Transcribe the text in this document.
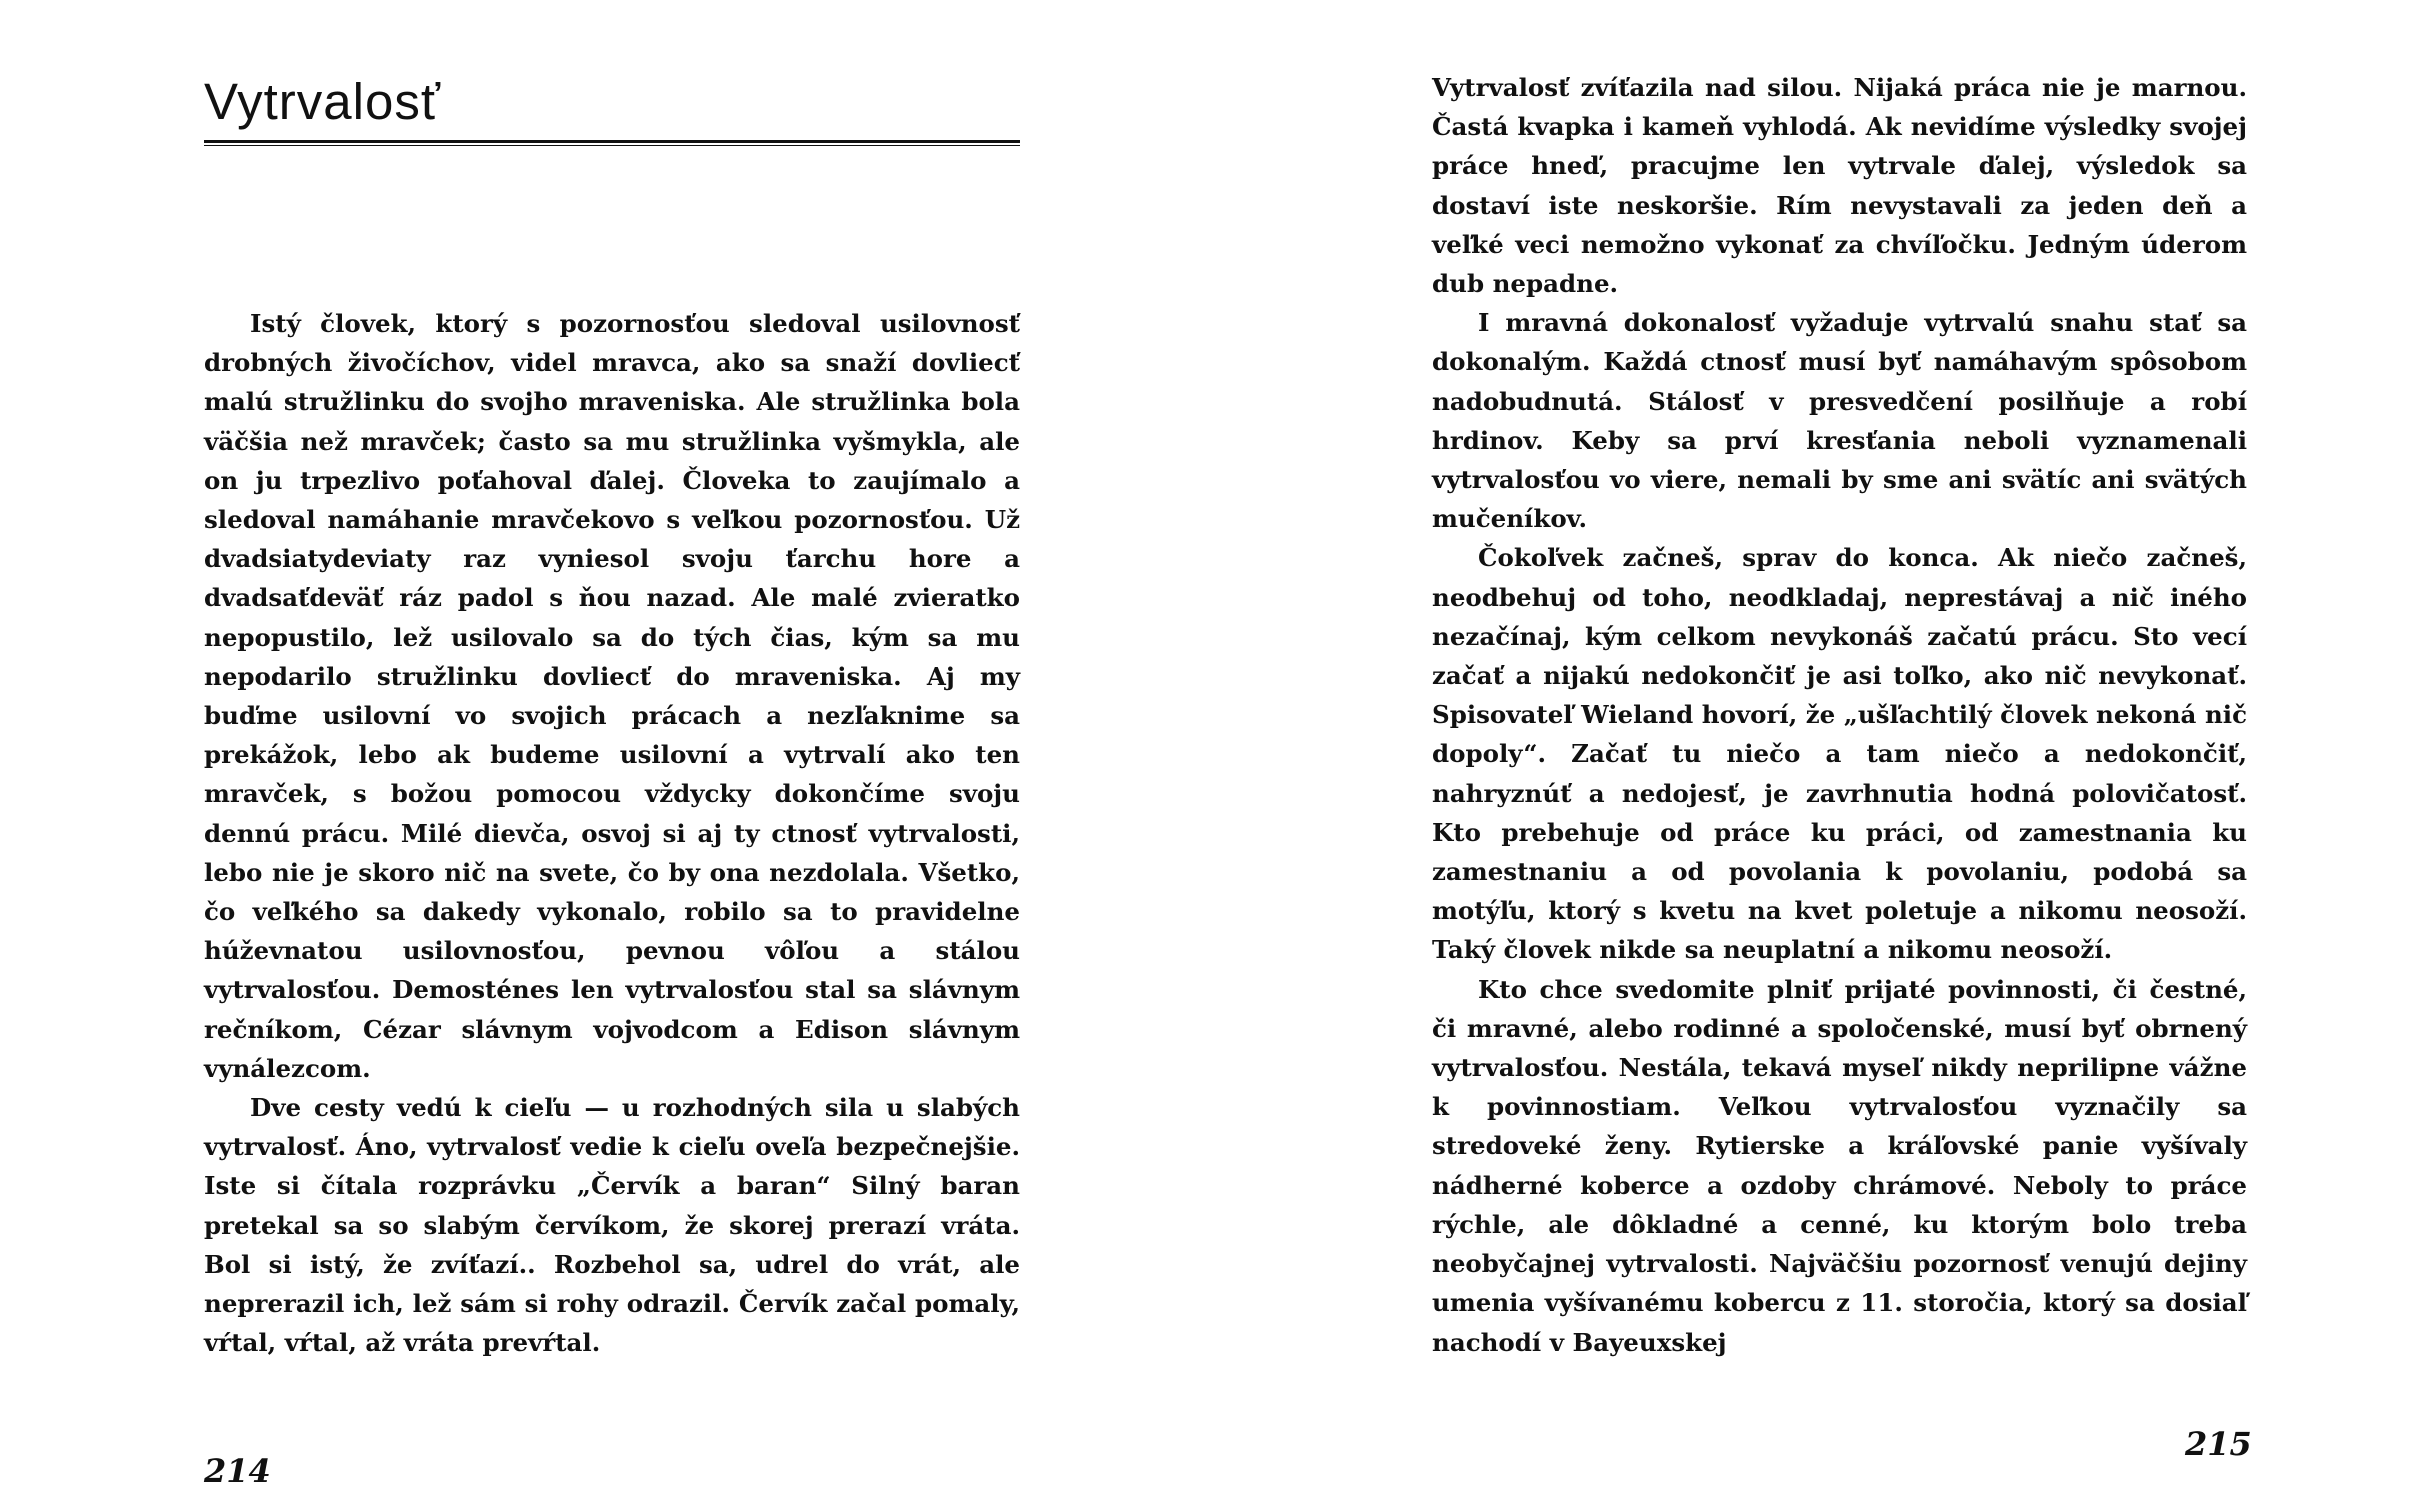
Vytrvalosť

Istý človek, ktorý s pozornosťou sledoval usilovnosť drobných živočíchov, videl mravca, ako sa snaží dovliecť malú stružlinku do svojho mraveniska. Ale stružlinka bola väčšia než mravček; často sa mu stružlinka vyšmykla, ale on ju trpezlivo poťahoval ďalej. Človeka to zaujímalo a sledoval namáhanie mravčekovo s veľkou pozornosťou. Už dvadsiatydeviaty raz vyniesol svoju ťarchu hore a dvadsaťdeväť ráz padol s ňou nazad. Ale malé zvieratko nepopustilo, lež usilovalo sa do tých čias, kým sa mu nepodarilo stružlinku dovliecť do mraveniska. Aj my buďme usilovní vo svojich prácach a nezľaknime sa prekážok, lebo ak budeme usilovní a vytrvalí ako ten mravček, s božou pomocou vždycky dokončíme svoju dennú prácu. Milé dievča, osvoj si aj ty ctnosť vytrvalosti, lebo nie je skoro nič na svete, čo by ona nezdolala. Všetko, čo veľkého sa dakedy vykonalo, robilo sa to pravidelne húževnatou usilovnosťou, pevnou vôľou a stálou vytrvalosťou. Demosténes len vytrvalosťou stal sa slávnym rečníkom, Cézar slávnym vojvodcom a Edison slávnym vynálezcom.

Dve cesty vedú k cieľu — u rozhodných sila u slabých vytrvalosť. Áno, vytrvalosť vedie k cieľu oveľa bezpečnejšie. Iste si čítala rozprávku „Červík a baran“ Silný baran pretekal sa so slabým červíkom, že skorej prerazí vráta. Bol si istý, že zvíťazí.. Rozbehol sa, udrel do vrát, ale neprerazil ich, lež sám si rohy odrazil. Červík začal pomaly, vŕtal, vŕtal, až vráta prevŕtal.

214

Vytrvalosť zvíťazila nad silou. Nijaká práca nie je marnou. Častá kvapka i kameň vyhlodá. Ak nevidíme výsledky svojej práce hneď, pracujme len vytrvale ďalej, výsledok sa dostaví iste neskoršie. Rím nevystavali za jeden deň a veľké veci nemožno vykonať za chvíľočku. Jedným úderom dub nepadne.

I mravná dokonalosť vyžaduje vytrvalú snahu stať sa dokonalým. Každá ctnosť musí byť namáhavým spôsobom nadobudnutá. Stálosť v presvedčení posilňuje a robí hrdinov. Keby sa prví kresťania neboli vyznamenali vytrvalosťou vo viere, nemali by sme ani svätíc ani svätých mučeníkov.

Čokoľvek začneš, sprav do konca. Ak niečo začneš, neodbehuj od toho, neodkladaj, neprestávaj a nič iného nezačínaj, kým celkom nevykonáš začatú prácu. Sto vecí začať a nijakú nedokončiť je asi toľko, ako nič nevykonať. Spisovateľ Wieland hovorí, že „ušľachtilý človek nekoná nič dopoly“. Začať tu niečo a tam niečo a nedokončiť, nahryznúť a nedojesť, je zavrhnutia hodná polovičatosť. Kto prebehuje od práce ku práci, od zamestnania ku zamestnaniu a od povolania k povolaniu, podobá sa motýľu, ktorý s kvetu na kvet poletuje a nikomu neosoží. Taký človek nikde sa neuplatní a nikomu neosoží.

Kto chce svedomite plniť prijaté povinnosti, či čestné, či mravné, alebo rodinné a spoločenské, musí byť obrnený vytrvalosťou. Nestála, tekavá myseľ nikdy neprilipne vážne k povinnostiam. Veľkou vytrvalosťou vyznačily sa stredoveké ženy. Rytierske a kráľovské panie vyšívaly nádherné koberce a ozdoby chrámové. Neboly to práce rýchle, ale dôkladné a cenné, ku ktorým bolo treba neobyčajnej vytrvalosti. Najväčšiu pozornosť venujú dejiny umenia vyšívanému kobercu z 11. storočia, ktorý sa dosiaľ nachodí v Bayeuxskej

215
